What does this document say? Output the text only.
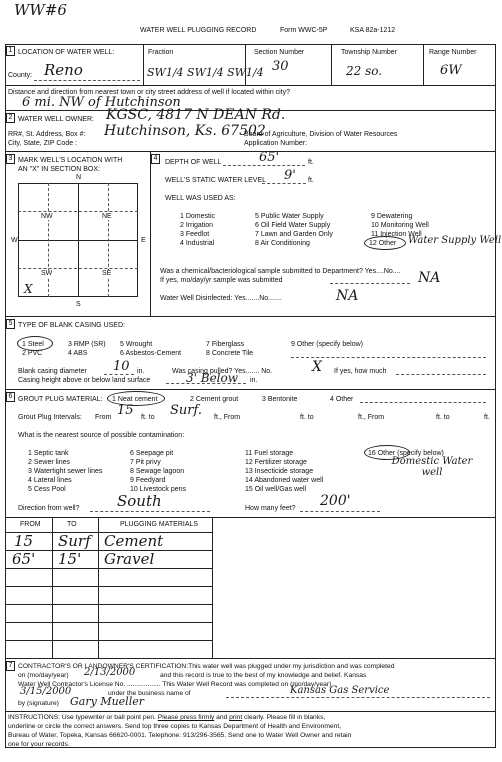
WW#6
WATER WELL PLUGGING RECORD	Form WWC-5P	KSA 82a-1212
1 LOCATION OF WATER WELL:
County: Reno
Fraction
SW1/4 SW1/4 SW1/4
Section Number
30
Township Number
22 so.
Range Number
6W
Distance and direction from nearest town or city street address of well if located within city?
6 mi. NW of Hutchinson
2 WATER WELL OWNER: KGSC, 4817 N DEAN Rd.
RR#, St. Address, Box #:
City, State, ZIP Code :
Hutchinson, Ks. 67502
Board of Agriculture, Division of Water Resources
Application Number:
3 MARK WELL'S LOCATION WITH
AN "X" IN SECTION BOX:
N
S
W	E
NW	NE
SW	SE
X
4
DEPTH OF WELL	65'	ft.
WELL'S STATIC WATER LEVEL 9' ft.
WELL WAS USED AS:
1 Domestic	5 Public Water Supply	9 Dewatering
2 Irrigation	6 Oil Field Water Supply	10 Monitoring Well
3 Feedlot	7 Lawn and Garden Only	11 Injection Well
4 Industrial	8 Air Conditioning	12 Other Water Supply Well
Was a chemical/bacteriological sample submitted to Department? Yes....No....
If yes, mo/day/yr sample was submitted	NA
Water Well Disinfected: Yes.......No.......	NA
5 TYPE OF BLANK CASING USED:
1 Steel	3 RMP (SR) 5 Wrought	7 Fiberglass	9 Other (specify below)
2 PVC	4 ABS	6 Asbestos-Cement	8 Concrete Tile
Blank casing diameter 10 in.	Was casing pulled? Yes....... No.	X If yes, how much
Casing height above or below land surface	3' Below in.
6 GROUT PLUG MATERIAL: 1 Neat cement	2 Cement grout	3 Bentonite	4 Other
Grout Plug Intervals: From 15 ft. to Surf. ft., From	ft. to	ft., From	ft. to	ft.
What is the nearest source of possible contamination:
1 Septic tank	6 Seepage pit	11 Fuel storage	16 Other (specify below)
2 Sewer lines	7 Pit privy	12 Fertilizer storage
3 Watertight sewer lines	8 Sewage lagoon	13 Insecticide storage
4 Lateral lines	9 Feedyard	14 Abandoned water well
5 Cess Pool	10 Livestock pens	15 Oil well/Gas well
Domestic Water well
Direction from well?	South	How many feet? 200'
FROM	TO	PLUGGING MATERIALS
15 Surf Cement
65' 15' Gravel
7 CONTRACTOR'S OR LANDOWNER'S CERTIFICATION:This water well was plugged under my jurisdiction and was completed
on (mo/day/year) 2/13/2000	and this record is true to the best of my knowledge and belief. Kansas
Water Well Contractor's License No. .................. This Water Well Record was completed on (mo/day/year)
3/15/2000	under the business name of	Kansas Gas Service
by (signature) Gary Mueller
INSTRUCTIONS: Use typewriter or ball point pen. Please press firmly and print clearly. Please fill in blanks,
underline or circle the correct answers. Send top three copies to Kansas Department of Health and Environment,
Bureau of Water, Topeka, Kansas 66620-0001. Telephone: 913/296-3565. Send one to Water Well Owner and retain
one for your records.
